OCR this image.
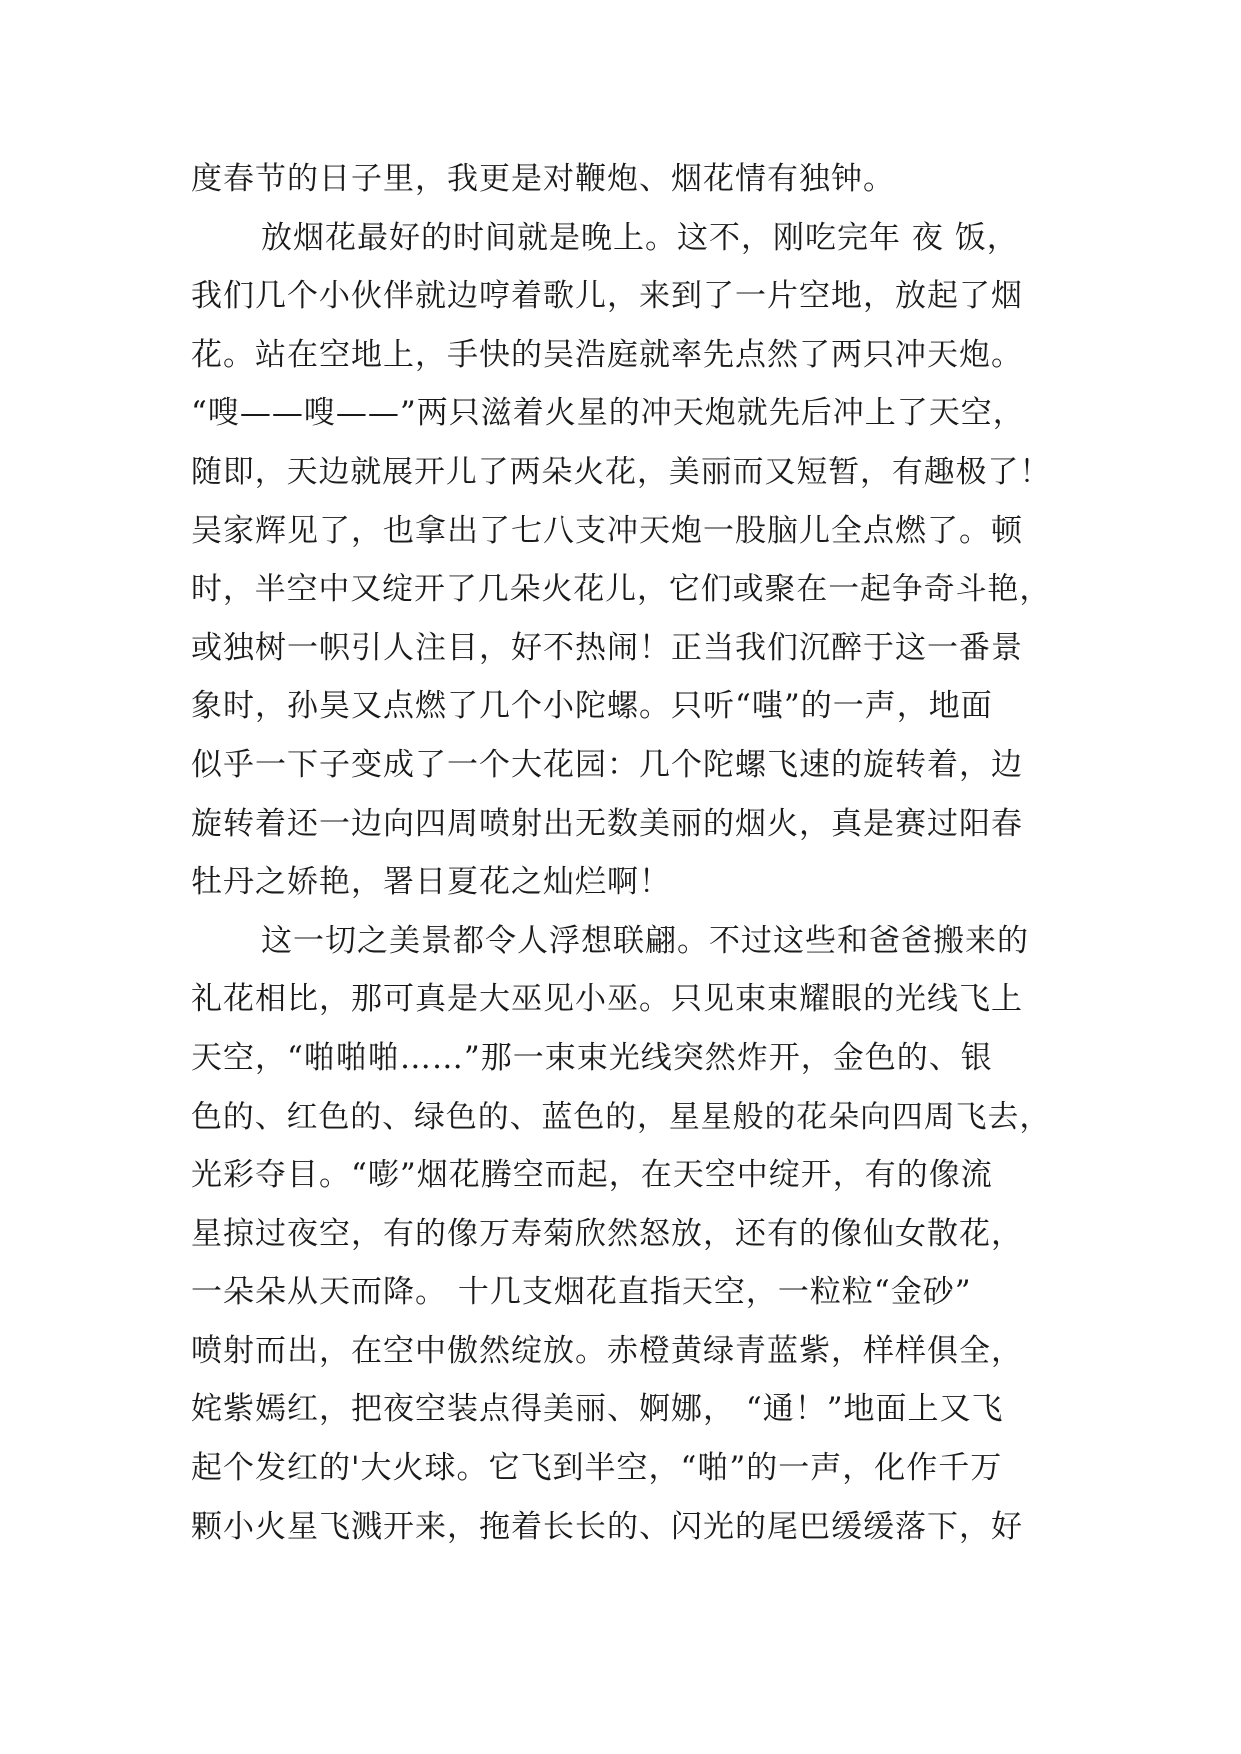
度春节的日子里，我更是对鞭炮、烟花情有独钟。
放烟花最好的时间就是晚上。这不，刚吃完年 夜 饭，
我们几个小伙伴就边哼着歌儿，来到了一片空地，放起了烟
花。站在空地上，手快的吴浩庭就率先点然了两只冲天炮。
“嗖——嗖——”两只滋着火星的冲天炮就先后冲上了天空，
随即，天边就展开儿了两朵火花，美丽而又短暂，有趣极了！
吴家辉见了，也拿出了七八支冲天炮一股脑儿全点燃了。顿
时，半空中又绽开了几朵火花儿，它们或聚在一起争奇斗艳，
或独树一帜引人注目，好不热闹！正当我们沉醉于这一番景
象时，孙昊又点燃了几个小陀螺。只听“嗤”的一声，地面
似乎一下子变成了一个大花园：几个陀螺飞速的旋转着，边
旋转着还一边向四周喷射出无数美丽的烟火，真是赛过阳春
牡丹之娇艳，署日夏花之灿烂啊！
这一切之美景都令人浮想联翩。不过这些和爸爸搬来的
礼花相比，那可真是大巫见小巫。只见束束耀眼的光线飞上
天空，“啪啪啪……”那一束束光线突然炸开，金色的、银
色的、红色的、绿色的、蓝色的，星星般的花朵向四周飞去，
光彩夺目。“嘭”烟花腾空而起，在天空中绽开，有的像流
星掠过夜空，有的像万寿菊欣然怒放，还有的像仙女散花，
一朵朵从天而降。 十几支烟花直指天空，一粒粒“金砂”
喷射而出，在空中傲然绽放。赤橙黄绿青蓝紫，样样俱全，
姹紫嫣红，把夜空装点得美丽、婀娜， “通！”地面上又飞
起个发红的'大火球。它飞到半空，“啪”的一声，化作千万
颗小火星飞溅开来，拖着长长的、闪光的尾巴缓缓落下，好
